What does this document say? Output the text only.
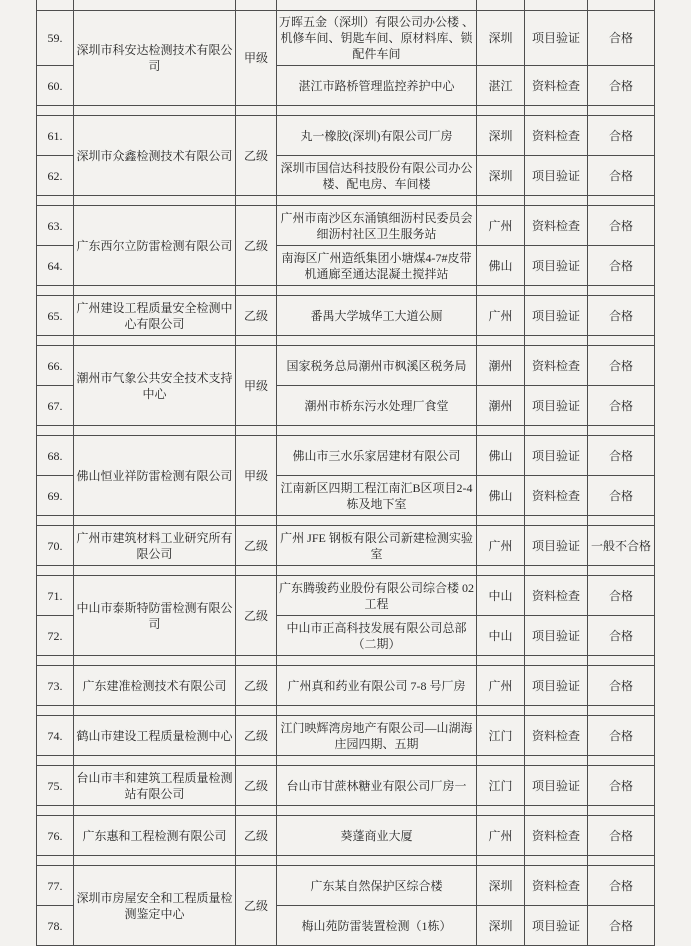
59.	深圳市科安达检测技术有限公司	甲级	万晖五金（深圳）有限公司办公楼 、机修车间、钥匙车间、原材料库、锁配件车间	深圳	项目验证	合格
60.			湛江市路桥管理监控养护中心	湛江	资料检查	合格

61.	深圳市众鑫检测技术有限公司	乙级	丸一橡胶(深圳)有限公司厂房	深圳	资料检查	合格
62.			深圳市国信达科技股份有限公司办公楼、配电房、车间楼	深圳	项目验证	合格

63.	广东西尔立防雷检测有限公司	乙级	广州市南沙区东涌镇细沥村民委员会细沥村社区卫生服务站	广州	资料检查	合格
64.			南海区广州造纸集团小塘煤4-7#皮带机通廊至通达混凝土搅拌站	佛山	项目验证	合格

65.	广州建设工程质量安全检测中心有限公司	乙级	番禺大学城华工大道公厕	广州	项目验证	合格

66.	潮州市气象公共安全技术支持中心	甲级	国家税务总局潮州市枫溪区税务局	潮州	资料检查	合格
67.			潮州市桥东污水处理厂食堂	潮州	项目验证	合格

68.	佛山恒业祥防雷检测有限公司	甲级	佛山市三水乐家居建材有限公司	佛山	项目验证	合格
69.			江南新区四期工程江南汇B区项目2-4栋及地下室	佛山	资料检查	合格

70.	广州市建筑材料工业研究所有限公司	乙级	广州 JFE 钢板有限公司新建检测实验室	广州	项目验证	一般不合格

71.	中山市泰斯特防雷检测有限公司	乙级	广东腾骏药业股份有限公司综合楼 02 工程	中山	资料检查	合格
72.			中山市正高科技发展有限公司总部（二期）	中山	项目验证	合格

73.	广东建准检测技术有限公司	乙级	广州真和药业有限公司 7-8 号厂房	广州	项目验证	合格

74.	鹤山市建设工程质量检测中心	乙级	江门映辉湾房地产有限公司—山湖海庄园四期、五期	江门	资料检查	合格

75.	台山市丰和建筑工程质量检测站有限公司	乙级	台山市甘蔗林糖业有限公司厂房一	江门	项目验证	合格

76.	广东惠和工程检测有限公司	乙级	葵蓬商业大厦	广州	资料检查	合格

77.	深圳市房屋安全和工程质量检测鉴定中心	乙级	广东某自然保护区综合楼	深圳	资料检查	合格
78.			梅山苑防雷装置检测（1栋）	深圳	项目验证	合格
